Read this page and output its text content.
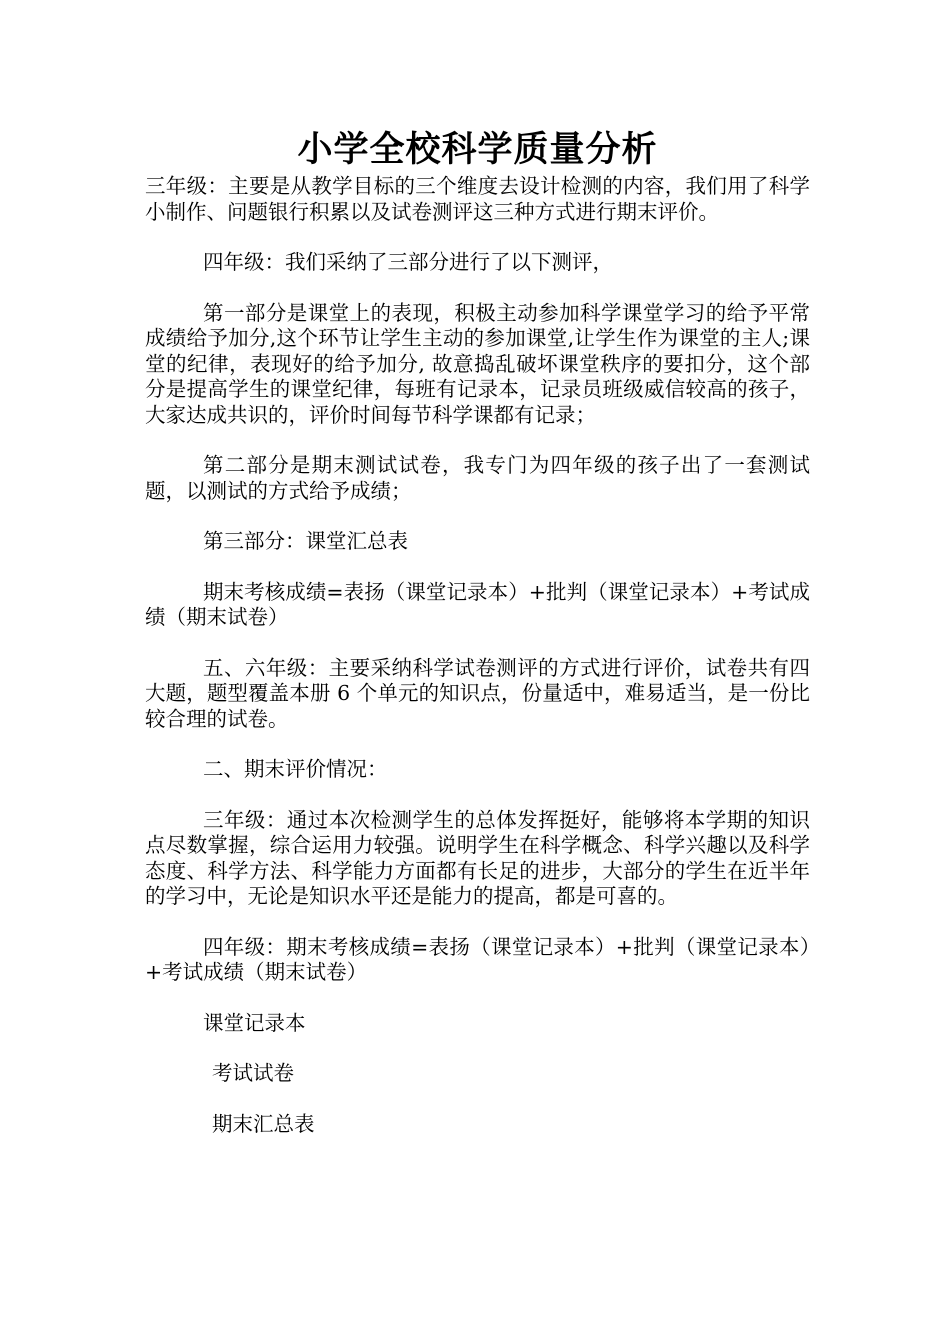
小学全校科学质量分析

三年级：主要是从教学目标的三个维度去设计检测的内容，我们用了科学小制作、问题银行积累以及试卷测评这三种方式进行期末评价。

四年级：我们采纳了三部分进行了以下测评，

第一部分是课堂上的表现，积极主动参加科学课堂学习的给予平常成绩给予加分,这个环节让学生主动的参加课堂,让学生作为课堂的主人;课堂的纪律，表现好的给予加分, 故意捣乱破坏课堂秩序的要扣分，这个部分是提高学生的课堂纪律，每班有记录本，记录员班级威信较高的孩子，大家达成共识的，评价时间每节科学课都有记录；

第二部分是期末测试试卷，我专门为四年级的孩子出了一套测试题，以测试的方式给予成绩；

第三部分：课堂汇总表

期末考核成绩=表扬（课堂记录本）+批判（课堂记录本）+考试成绩（期末试卷）

五、六年级：主要采纳科学试卷测评的方式进行评价，试卷共有四大题，题型覆盖本册 6 个单元的知识点，份量适中，难易适当，是一份比较合理的试卷。

二、期末评价情况：

三年级：通过本次检测学生的总体发挥挺好，能够将本学期的知识点尽数掌握，综合运用力较强。说明学生在科学概念、科学兴趣以及科学态度、科学方法、科学能力方面都有长足的进步，大部分的学生在近半年的学习中，无论是知识水平还是能力的提高，都是可喜的。

四年级：期末考核成绩=表扬（课堂记录本）+批判（课堂记录本）+考试成绩（期末试卷）

课堂记录本
考试试卷
期末汇总表
